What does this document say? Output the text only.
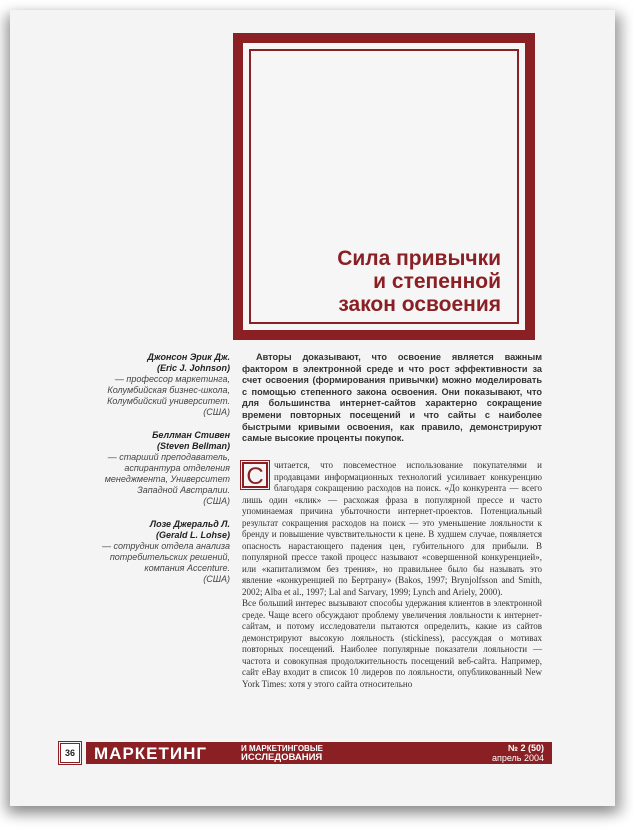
Сила привычки
и степенной
закон освоения
Джонсон Эрик Дж.
(Eric J. Johnson)
— профессор маркетинга, Колумбийская бизнес-школа, Колумбийский университет.
(США)
Беллман Стивен
(Steven Bellman)
— старший преподаватель, аспирантура отделения менеджмента, Университет Западной Австралии.
(США)
Лозе Джеральд Л.
(Gerald L. Lohse)
— сотрудник отдела анализа потребительских решений, компания Accenture.
(США)
Авторы доказывают, что освоение является важным фактором в электронной среде и что рост эффективности за счет освоения (формирования привычки) можно моделировать с помощью степенного закона освоения. Они показывают, что для большинства интернет-сайтов характерно сокращение времени повторных посещений и что сайты с наиболее быстрыми кривыми освоения, как правило, демонстрируют самые высокие проценты покупок.
С	читается, что повсеместное использование покупателями и продавцами информационных технологий усиливает конкуренцию благодаря сокращению расходов на поиск. «До конкурента — всего лишь один «клик» — расхожая фраза в популярной прессе и часто упоминаемая причина убыточности интернет-проектов. Потенциальный результат сокращения расходов на поиск — это уменьшение лояльности к бренду и повышение чувствительности к цене. В худшем случае, появляется опасность нарастающего падения цен, губительного для прибыли. В популярной прессе такой процесс называют «совершенной конкуренцией», или «капитализмом без трения», но правильнее было бы называть это явление «конкуренцией по Бертрану» (Bakos, 1997; Brynjolfsson and Smith, 2002; Alba et al., 1997; Lal and Sarvary, 1999; Lynch and Ariely, 2000).

Все больший интерес вызывают способы удержания клиентов в электронной среде. Чаще всего обсуждают проблему увеличения лояльности к интернет-сайтам, и потому исследователи пытаются определить, какие из сайтов демонстрируют высокую лояльность (stickiness), рассуждая о мотивах повторных посещений. Наиболее популярные показатели лояльности — частота и совокупная продолжительность посещений веб-сайта. Например, сайт eBay входит в список 10 лидеров по лояльности, опубликованный New York Times: хотя у этого сайта относительно

36 МАРКЕТИНГ	И МАРКЕТИНГОВЫЕ
ИССЛЕДОВАНИЯ
№ 2 (50)
апрель 2004
